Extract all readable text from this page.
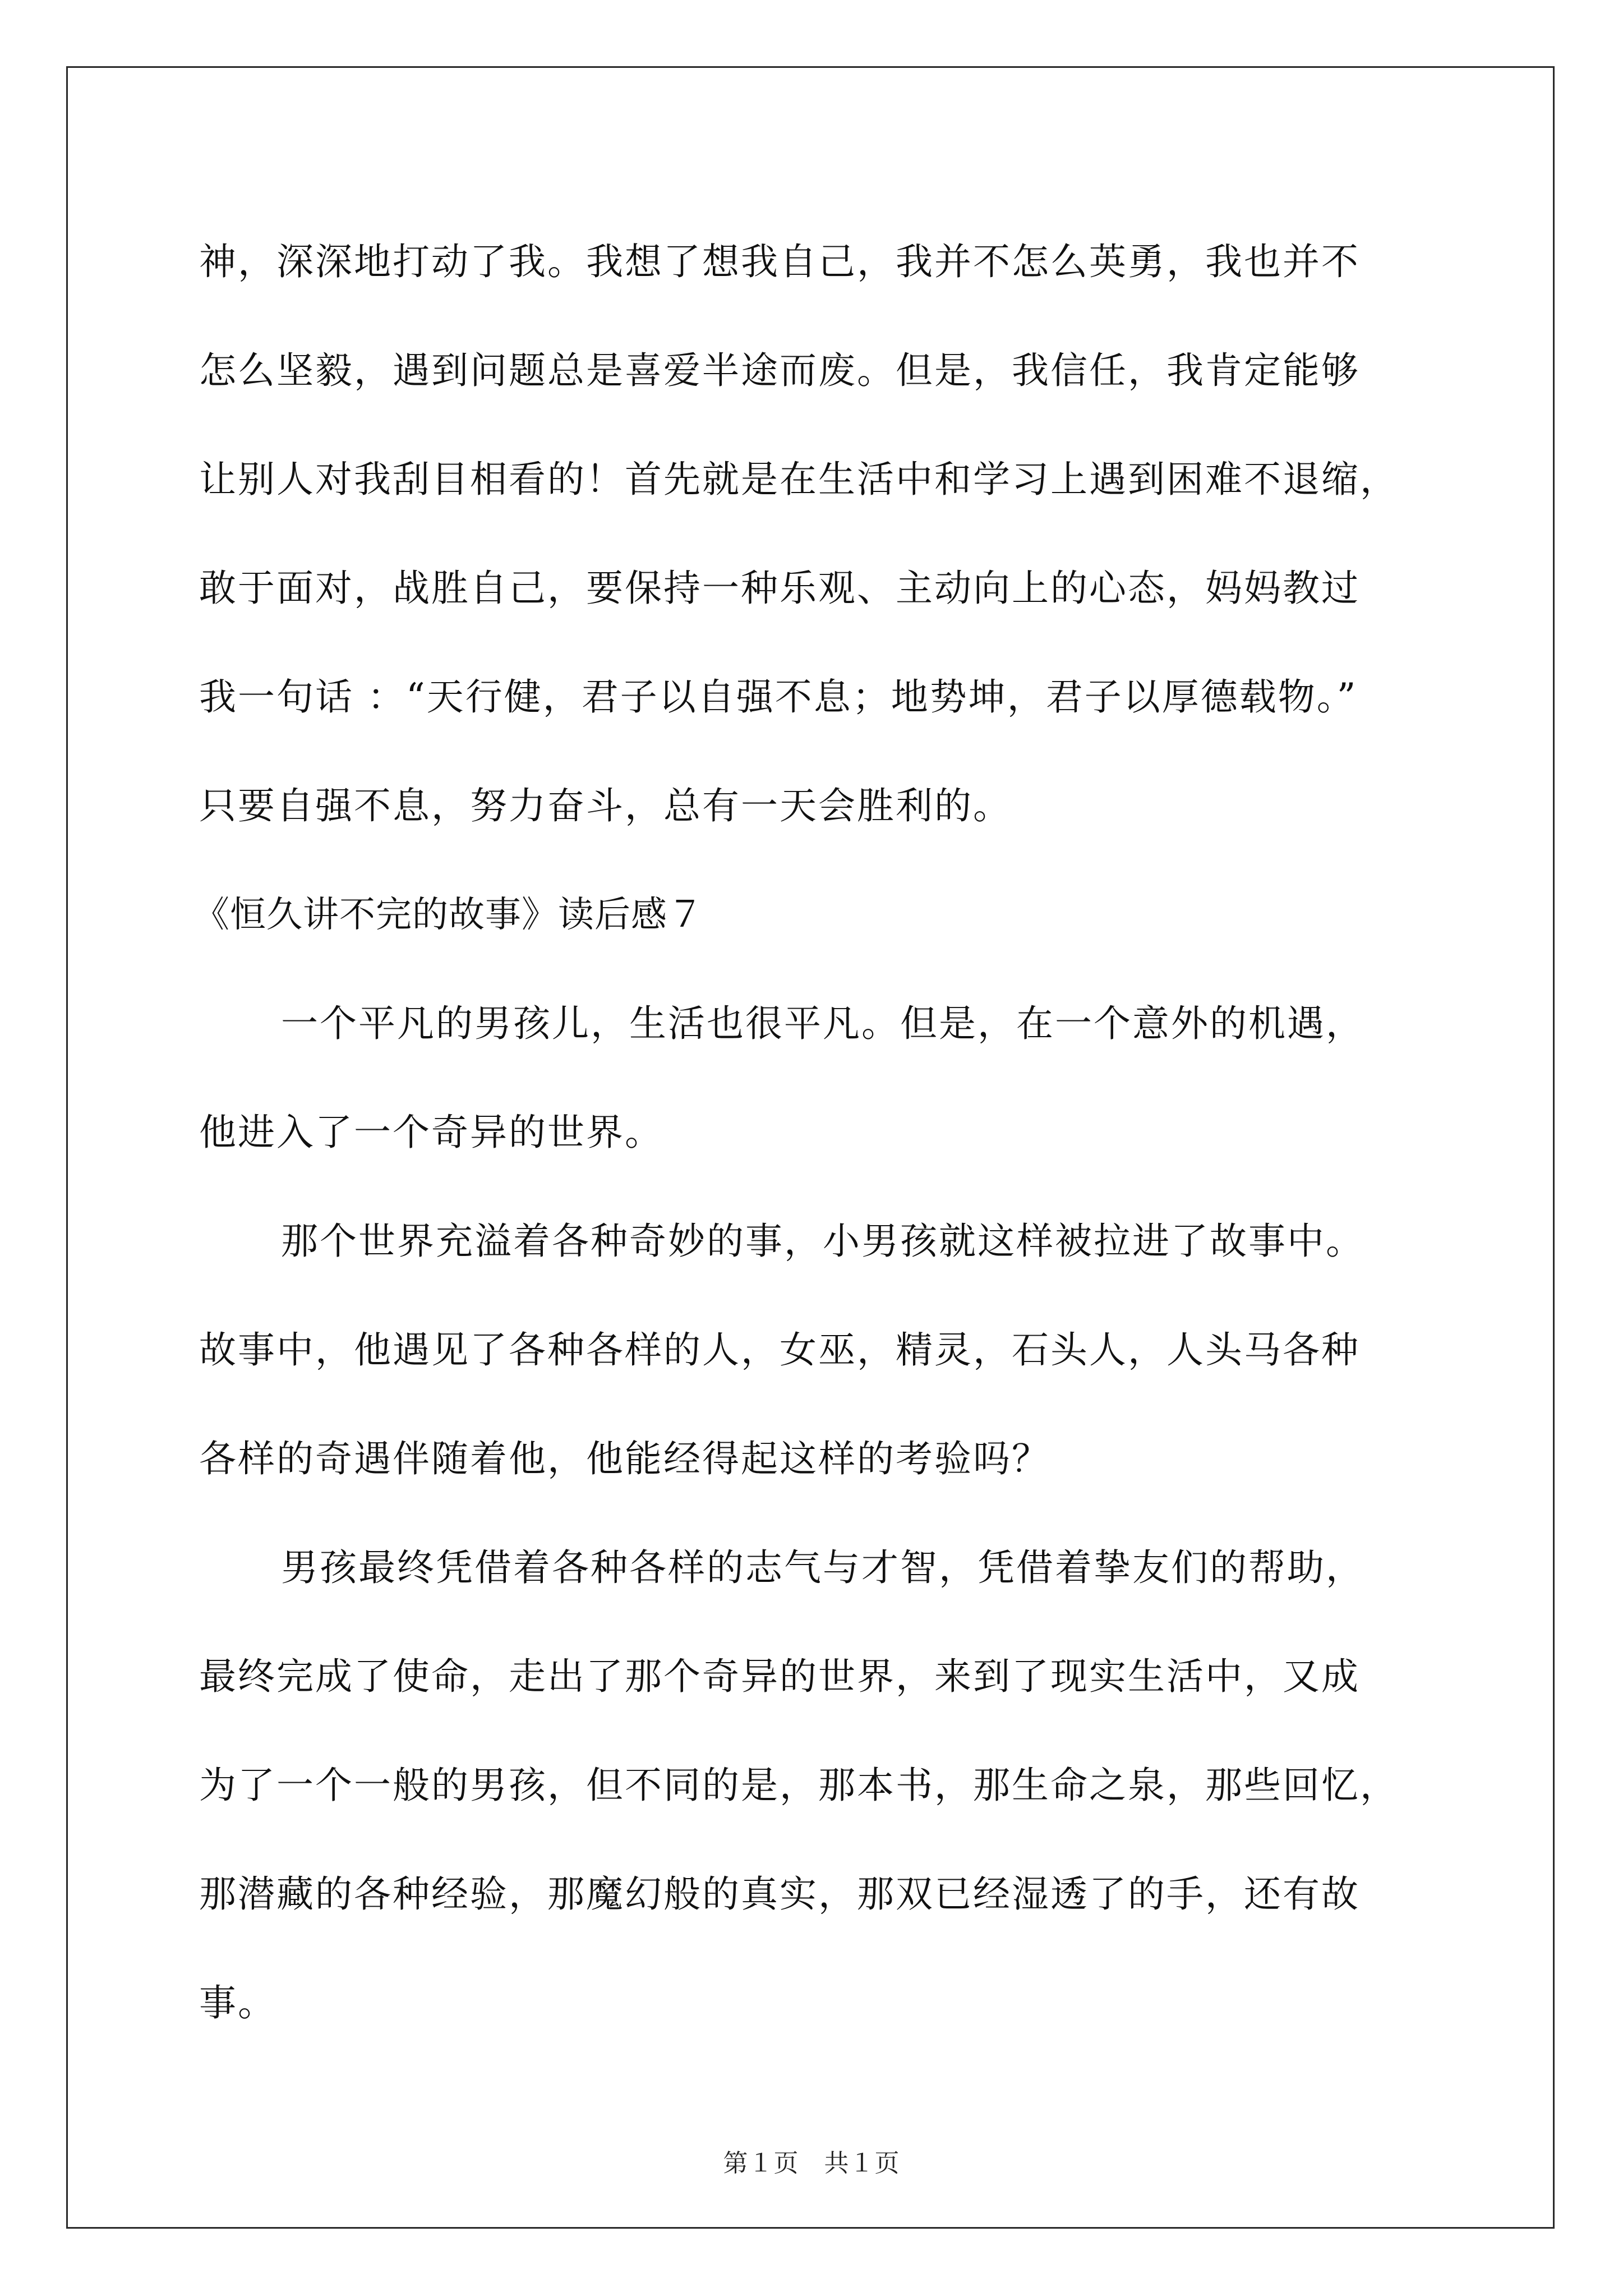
神，深深地打动了我。我想了想我自己，我并不怎么英勇，我也并不
怎么坚毅，遇到问题总是喜爱半途而废。但是，我信任，我肯定能够
让别人对我刮目相看的！首先就是在生活中和学习上遇到困难不退缩，
敢于面对，战胜自己，要保持一种乐观、主动向上的心态，妈妈教过
我一句话 ：“天行健，君子以自强不息；地势坤，君子以厚德载物。”
只要自强不息，努力奋斗，总有一天会胜利的。
《恒久讲不完的故事》读后感７
一个平凡的男孩儿，生活也很平凡。但是，在一个意外的机遇，
他进入了一个奇异的世界。
那个世界充溢着各种奇妙的事，小男孩就这样被拉进了故事中。
故事中，他遇见了各种各样的人，女巫，精灵，石头人，人头马各种
各样的奇遇伴随着他，他能经得起这样的考验吗？
男孩最终凭借着各种各样的志气与才智，凭借着挚友们的帮助，
最终完成了使命，走出了那个奇异的世界，来到了现实生活中，又成
为了一个一般的男孩，但不同的是，那本书，那生命之泉，那些回忆，
那潜藏的各种经验，那魔幻般的真实，那双已经湿透了的手，还有故
事。
第１页　共１页
